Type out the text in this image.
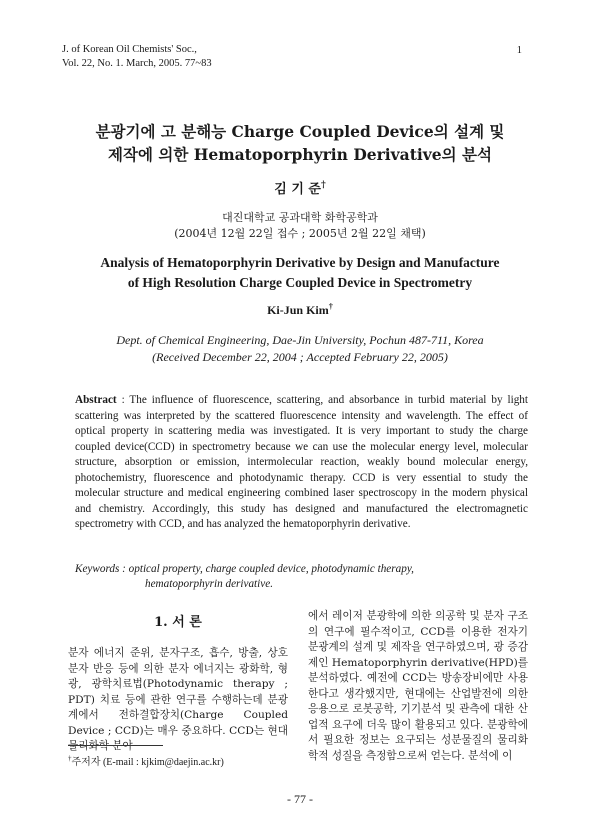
J. of Korean Oil Chemists' Soc.,
Vol. 22, No. 1. March, 2005. 77~83
1
분광기에 고 분해능 Charge Coupled Device의 설계 및
제작에 의한 Hematoporphyrin Derivative의 분석
김 기 준†
대진대학교 공과대학 화학공학과
(2004년 12월 22일 접수 ; 2005년 2월 22일 채택)
Analysis of Hematoporphyrin Derivative by Design and Manufacture
of High Resolution Charge Coupled Device in Spectrometry
Ki-Jun Kim†
Dept. of Chemical Engineering, Dae-Jin University, Pochun 487-711, Korea
(Received December 22, 2004 ; Accepted February 22, 2005)
Abstract : The influence of fluorescence, scattering, and absorbance in turbid material by light scattering was interpreted by the scattered fluorescence intensity and wavelength. The effect of optical property in scattering media was investigated. It is very important to study the charge coupled device(CCD) in spectrometry because we can use the molecular energy level, molecular structure, absorption or emission, intermolecular reaction, weakly bound molecular energy, photochemistry, fluorescence and photodynamic therapy. CCD is very essential to study the molecular structure and medical engineering combined laser spectroscopy in the modern physical and chemistry. Accordingly, this study has designed and manufactured the electromagnetic spectrometry with CCD, and has analyzed the hematoporphyrin derivative.
Keywords : optical property, charge coupled device, photodynamic therapy,
hematoporphyrin derivative.
1. 서 론
분자 에너지 준위, 분자구조, 흡수, 방출, 상호 분자 반응 등에 의한 분자 에너지는 광화학, 형광, 광학치료법(Photodynamic therapy ; PDT) 치료 등에 관한 연구를 수행하는데 분광계에서 전하결합장치(Charge Coupled Device ; CCD)는 매우 중요하다. CCD는 현대 물리화학 분야
에서 레이저 분광학에 의한 의공학 및 분자 구조의 연구에 필수적이고, CCD를 이용한 전자기 분광계의 설계 및 제작을 연구하였으며, 광 증감제인 Hematoporphyrin derivative(HPD)를 분석하였다. 예전에 CCD는 방송장비에만 사용한다고 생각했지만, 현대에는 산업발전에 의한 응용으로 로봇공학, 기기분석 및 관측에 대한 산업적 요구에 더욱 많이 활용되고 있다. 분광학에서 필요한 정보는 요구되는 성분물질의 물리화학적 성질을 측정함으로써 얻는다. 분석에 이
†주저자 (E-mail : kjkim@daejin.ac.kr)
- 77 -
